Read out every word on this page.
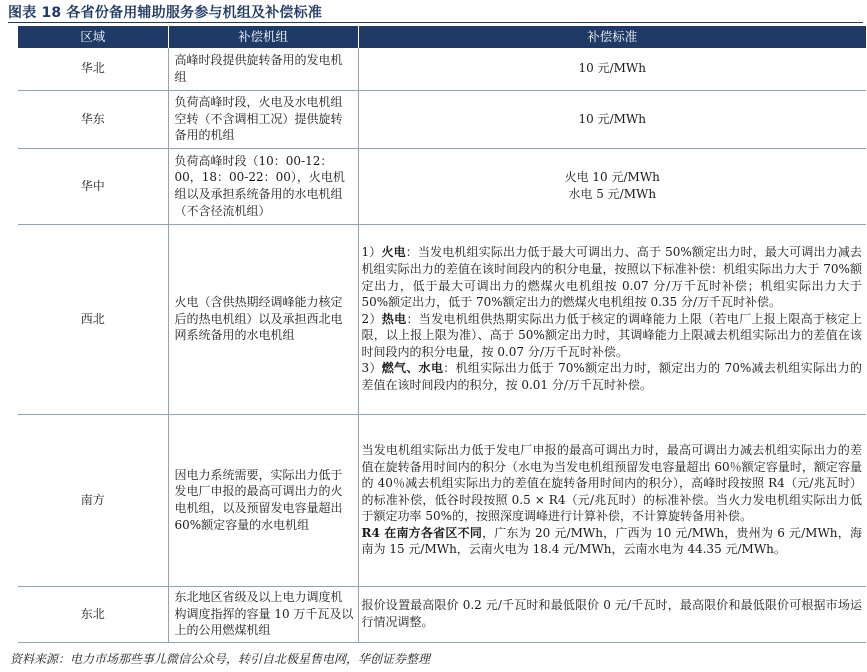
图表 18 各省份备用辅助服务参与机组及补偿标准
区域	补偿机组	补偿标准
华北	高峰时段提供旋转备用的发电机组	10 元/MWh

华东	负荷高峰时段，火电及水电机组空转（不含调相工况）提供旋转备用的机组	10 元/MWh

华中	负荷高峰时段（10：00-12：00，18：00-22：00），火电机组以及承担系统备用的水电机组（不含径流机组）	火电 10 元/MWh
水电 5 元/MWh

西北	火电（含供热期经调峰能力核定后的热电机组）以及承担西北电网系统备用的水电机组	1）火电：当发电机组实际出力低于最大可调出力、高于 50%额定出力时，最大可调出力减去机组实际出力的差值在该时间段内的积分电量，按照以下标准补偿：机组实际出力大于 70%额定出力，低于最大可调出力的燃煤火电机组按 0.07 分/万千瓦时补偿；机组实际出力大于 50%额定出力，低于 70%额定出力的燃煤火电机组按 0.35 分/万千瓦时补偿。
2）热电：当发电机组供热期实际出力低于核定的调峰能力上限（若电厂上报上限高于核定上限，以上报上限为准）、高于 50%额定出力时，其调峰能力上限减去机组实际出力的差值在该时间段内的积分电量，按 0.07 分/万千瓦时补偿。
3）燃气、水电：机组实际出力低于 70%额定出力时，额定出力的 70%减去机组实际出力的差值在该时间段内的积分，按 0.01 分/万千瓦时补偿。

南方	因电力系统需要，实际出力低于发电厂申报的最高可调出力的火电机组，以及预留发电容量超出 60%额定容量的水电机组	当发电机组实际出力低于发电厂申报的最高可调出力时，最高可调出力减去机组实际出力的差值在旋转备用时间内的积分（水电为当发电机组预留发电容量超出 60％额定容量时，额定容量的 40％减去机组实际出力的差值在旋转备用时间内的积分），高峰时段按照 R4（元/兆瓦时）的标准补偿，低谷时段按照 0.5 × R4（元/兆瓦时）的标准补偿。当火力发电机组实际出力低于额定功率 50%的，按照深度调峰进行计算补偿，不计算旋转备用补偿。
R4 在南方各省区不同，广东为 20 元/MWh，广西为 10 元/MWh，贵州为 6 元/MWh，海南为 15 元/MWh，云南火电为 18.4 元/MWh，云南水电为 44.35 元/MWh。

东北	东北地区省级及以上电力调度机构调度指挥的容量 10 万千瓦及以上的公用燃煤机组	报价设置最高限价 0.2 元/千瓦时和最低限价 0 元/千瓦时，最高限价和最低限价可根据市场运行情况调整。
资料来源：电力市场那些事儿微信公众号，转引自北极星售电网，华创证券整理
